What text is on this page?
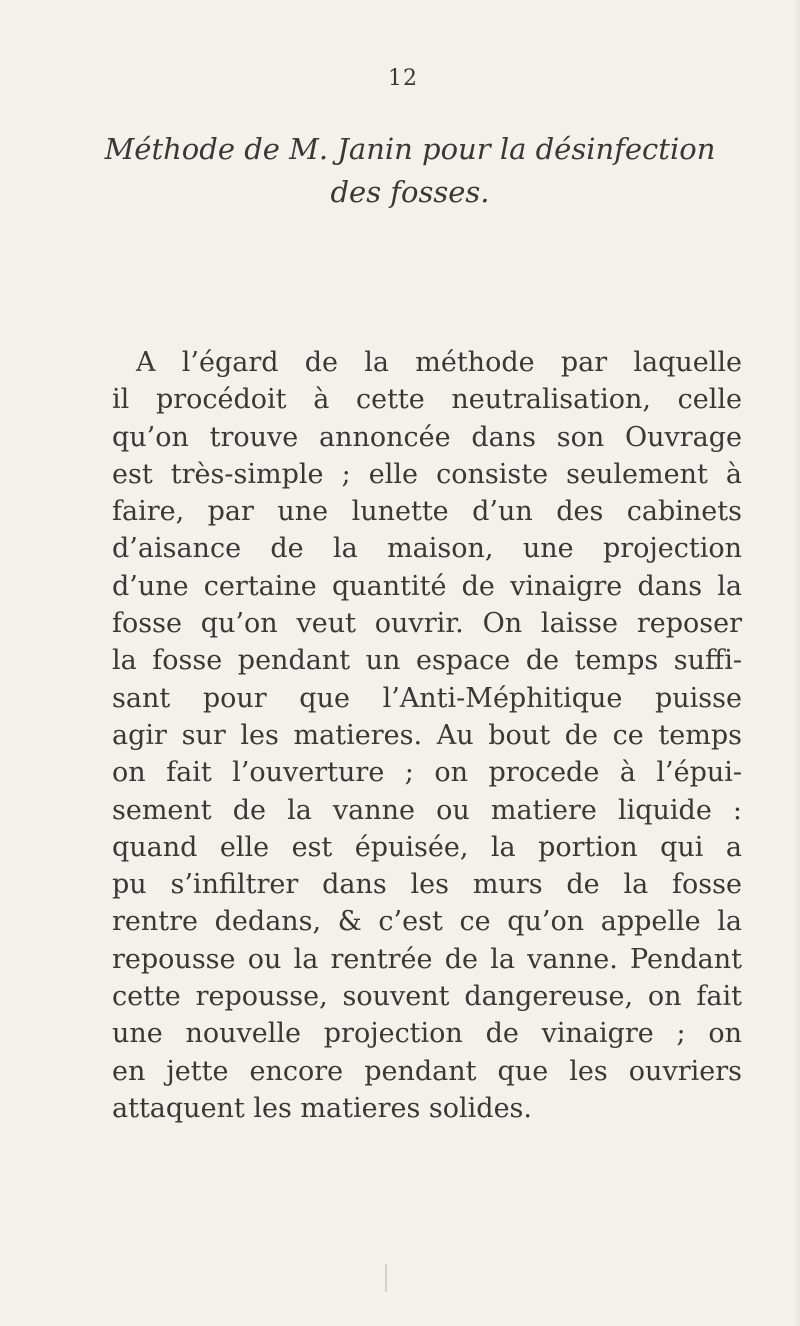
12
Méthode de M. Janin pour la désinfection
des fosses.
A l’égard de la méthode par laquelle
il procédoit à cette neutralisation, celle
qu’on trouve annoncée dans son Ouvrage
est très-simple ; elle consiste seulement à
faire, par une lunette d’un des cabinets
d’aisance de la maison, une projection
d’une certaine quantité de vinaigre dans la
fosse qu’on veut ouvrir. On laisse reposer
la fosse pendant un espace de temps suffi-
sant pour que l’Anti-Méphitique puisse
agir sur les matieres. Au bout de ce temps
on fait l’ouverture ; on procede à l’épui-
sement de la vanne ou matiere liquide :
quand elle est épuisée, la portion qui a
pu s’infiltrer dans les murs de la fosse
rentre dedans, & c’est ce qu’on appelle la
repousse ou la rentrée de la vanne. Pendant
cette repousse, souvent dangereuse, on fait
une nouvelle projection de vinaigre ; on
en jette encore pendant que les ouvriers
attaquent les matieres solides.
